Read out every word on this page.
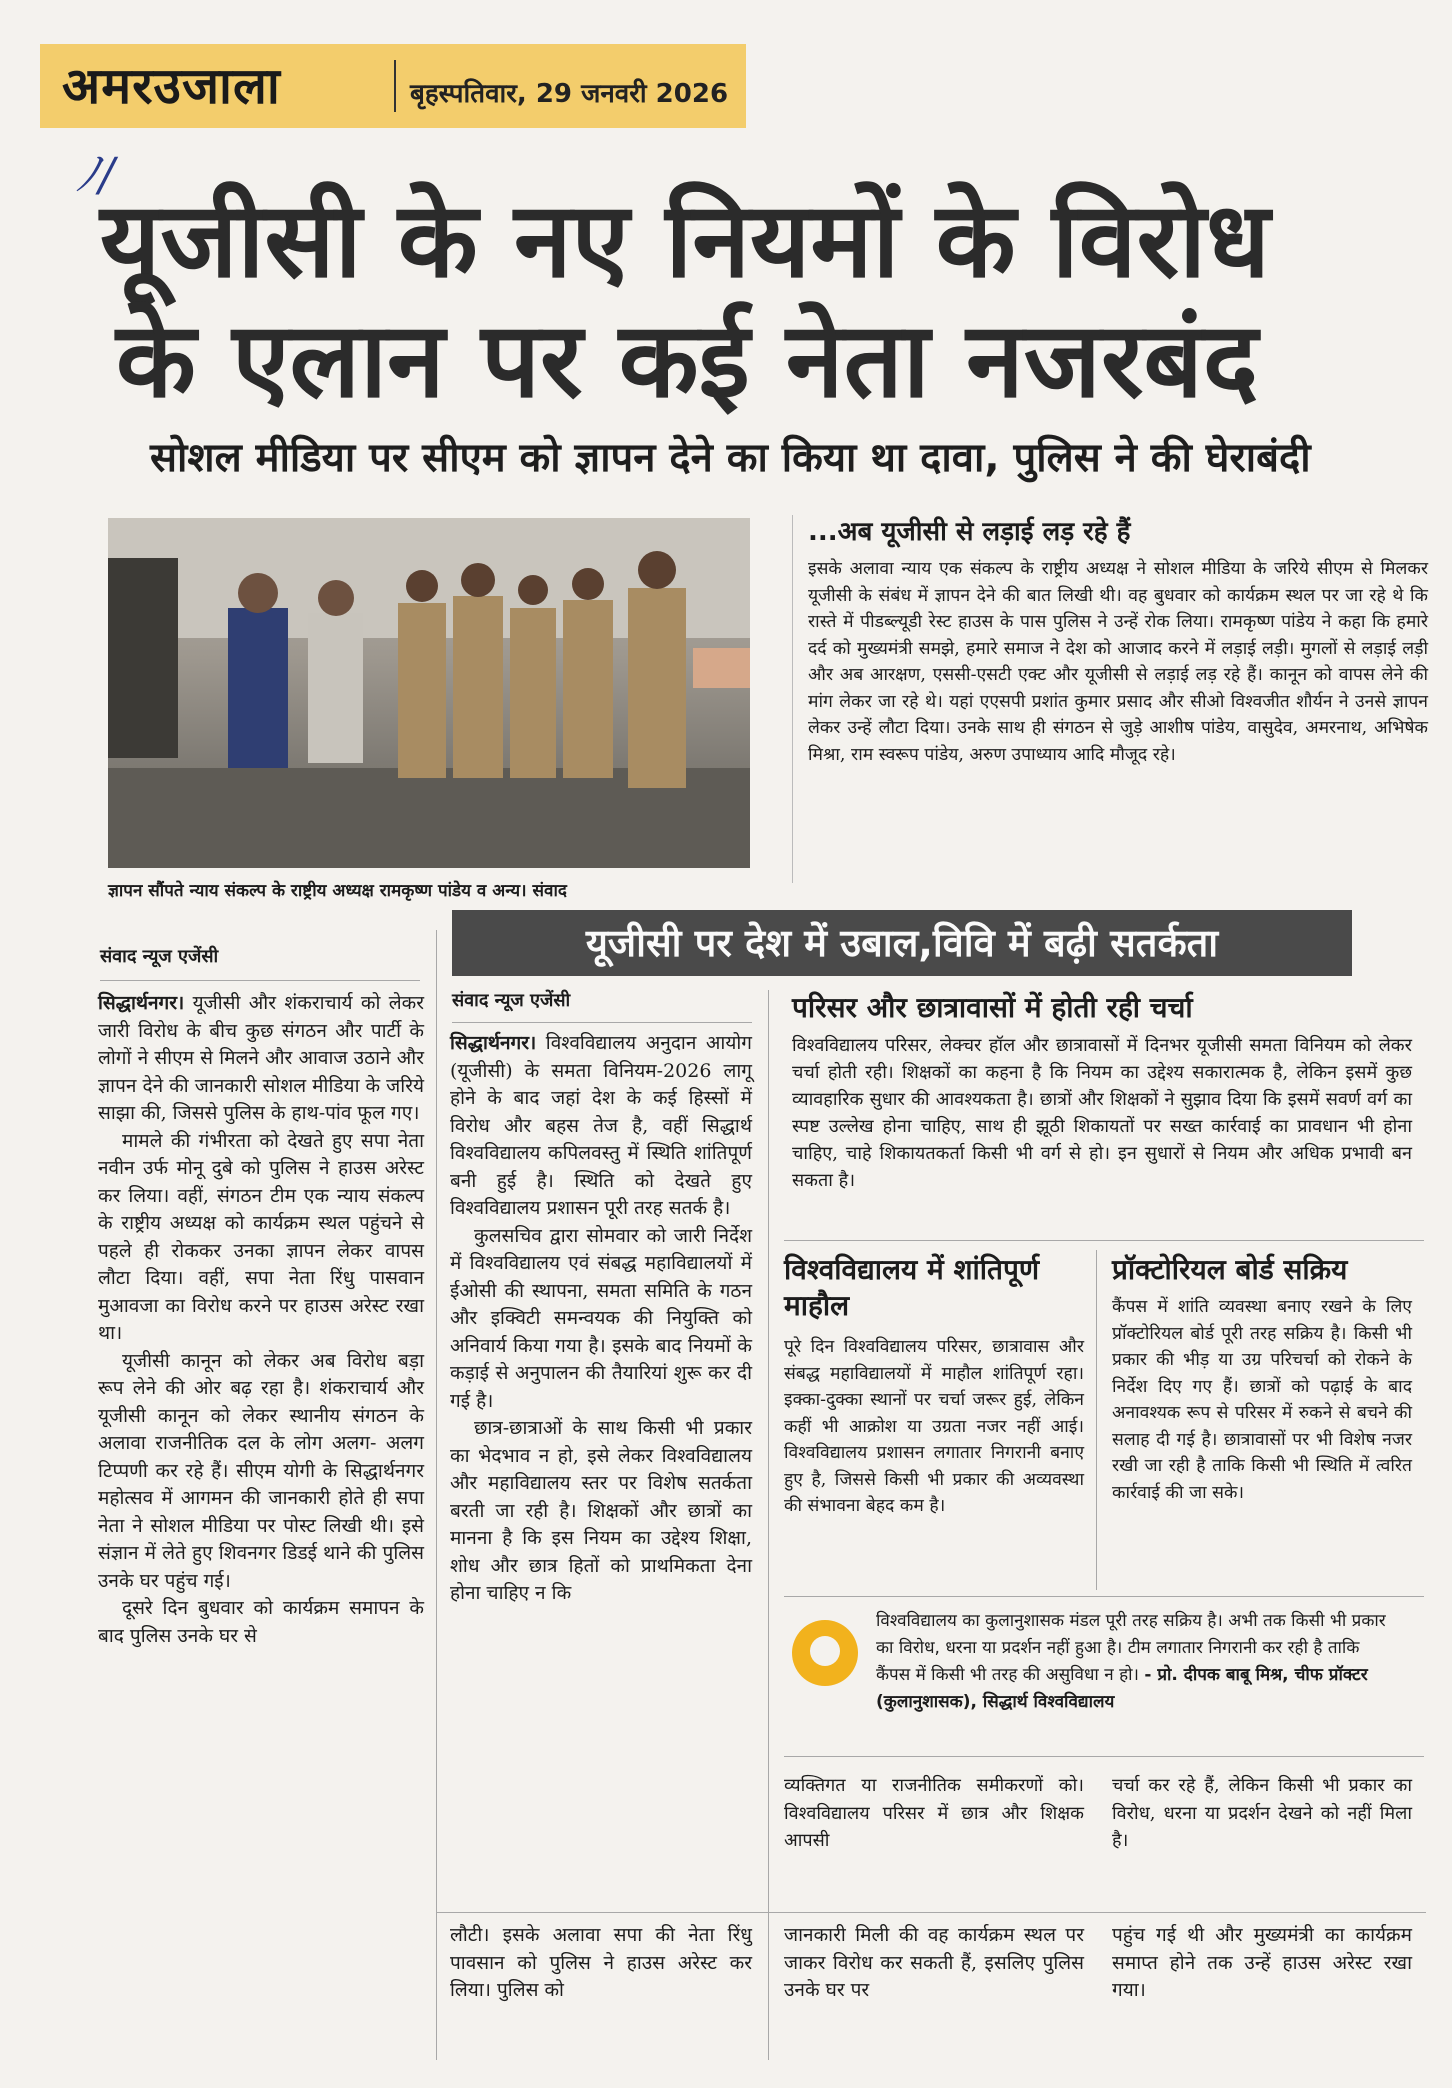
अमरउजाला	बृहस्पतिवार, 29 जनवरी 2026
ﾉ/
यूजीसी के नए नियमों के विरोध
के एलान पर कई नेता नजरबंद
सोशल मीडिया पर सीएम को ज्ञापन देने का किया था दावा, पुलिस ने की घेराबंदी
ज्ञापन सौंपते न्याय संकल्प के राष्ट्रीय अध्यक्ष रामकृष्ण पांडेय व अन्य। संवाद
...अब यूजीसी से लड़ाई लड़ रहे हैं
इसके अलावा न्याय एक संकल्प के राष्ट्रीय अध्यक्ष ने सोशल मीडिया के जरिये सीएम से मिलकर यूजीसी के संबंध में ज्ञापन देने की बात लिखी थी। वह बुधवार को कार्यक्रम स्थल पर जा रहे थे कि रास्ते में पीडब्ल्यूडी रेस्ट हाउस के पास पुलिस ने उन्हें रोक लिया। रामकृष्ण पांडेय ने कहा कि हमारे दर्द को मुख्यमंत्री समझे, हमारे समाज ने देश को आजाद करने में लड़ाई लड़ी। मुगलों से लड़ाई लड़ी और अब आरक्षण, एससी-एसटी एक्ट और यूजीसी से लड़ाई लड़ रहे हैं। कानून को वापस लेने की मांग लेकर जा रहे थे। यहां एएसपी प्रशांत कुमार प्रसाद और सीओ विश्वजीत शौर्यन ने उनसे ज्ञापन लेकर उन्हें लौटा दिया। उनके साथ ही संगठन से जुड़े आशीष पांडेय, वासुदेव, अमरनाथ, अभिषेक मिश्रा, राम स्वरूप पांडेय, अरुण उपाध्याय आदि मौजूद रहे।
संवाद न्यूज एजेंसी

सिद्धार्थनगर। यूजीसी और शंकराचार्य को लेकर जारी विरोध के बीच कुछ संगठन और पार्टी के लोगों ने सीएम से मिलने और आवाज उठाने और ज्ञापन देने की जानकारी सोशल मीडिया के जरिये साझा की, जिससे पुलिस के हाथ-पांव फूल गए।

मामले की गंभीरता को देखते हुए सपा नेता नवीन उर्फ मोनू दुबे को पुलिस ने हाउस अरेस्ट कर लिया। वहीं, संगठन टीम एक न्याय संकल्प के राष्ट्रीय अध्यक्ष को कार्यक्रम स्थल पहुंचने से पहले ही रोककर उनका ज्ञापन लेकर वापस लौटा दिया। वहीं, सपा नेता रिंधु पासवान मुआवजा का विरोध करने पर हाउस अरेस्ट रखा था।

यूजीसी कानून को लेकर अब विरोध बड़ा रूप लेने की ओर बढ़ रहा है। शंकराचार्य और यूजीसी कानून को लेकर स्थानीय संगठन के अलावा राजनीतिक दल के लोग अलग- अलग टिप्पणी कर रहे हैं। सीएम योगी के सिद्धार्थनगर महोत्सव में आगमन की जानकारी होते ही सपा नेता ने सोशल मीडिया पर पोस्ट लिखी थी। इसे संज्ञान में लेते हुए शिवनगर डिडई थाने की पुलिस उनके घर पहुंच गई।

दूसरे दिन बुधवार को कार्यक्रम समापन के बाद पुलिस उनके घर से

यूजीसी पर देश में उबाल,विवि में बढ़ी सतर्कता
संवाद न्यूज एजेंसी

सिद्धार्थनगर। विश्वविद्यालय अनुदान आयोग (यूजीसी) के समता विनियम-2026 लागू होने के बाद जहां देश के कई हिस्सों में विरोध और बहस तेज है, वहीं सिद्धार्थ विश्वविद्यालय कपिलवस्तु में स्थिति शांतिपूर्ण बनी हुई है। स्थिति को देखते हुए विश्वविद्यालय प्रशासन पूरी तरह सतर्क है।

कुलसचिव द्वारा सोमवार को जारी निर्देश में विश्वविद्यालय एवं संबद्ध महाविद्यालयों में ईओसी की स्थापना, समता समिति के गठन और इक्विटी समन्वयक की नियुक्ति को अनिवार्य किया गया है। इसके बाद नियमों के कड़ाई से अनुपालन की तैयारियां शुरू कर दी गई है।

छात्र-छात्राओं के साथ किसी भी प्रकार का भेदभाव न हो, इसे लेकर विश्वविद्यालय और महाविद्यालय स्तर पर विशेष सतर्कता बरती जा रही है। शिक्षकों और छात्रों का मानना है कि इस नियम का उद्देश्य शिक्षा, शोध और छात्र हितों को प्राथमिकता देना होना चाहिए न कि

परिसर और छात्रावासों में होती रही चर्चा
विश्वविद्यालय परिसर, लेक्चर हॉल और छात्रावासों में दिनभर यूजीसी समता विनियम को लेकर चर्चा होती रही। शिक्षकों का कहना है कि नियम का उद्देश्य सकारात्मक है, लेकिन इसमें कुछ व्यावहारिक सुधार की आवश्यकता है। छात्रों और शिक्षकों ने सुझाव दिया कि इसमें सवर्ण वर्ग का स्पष्ट उल्लेख होना चाहिए, साथ ही झूठी शिकायतों पर सख्त कार्रवाई का प्रावधान भी होना चाहिए, चाहे शिकायतकर्ता किसी भी वर्ग से हो। इन सुधारों से नियम और अधिक प्रभावी बन सकता है।
विश्वविद्यालय में शांतिपूर्ण माहौल
पूरे दिन विश्वविद्यालय परिसर, छात्रावास और संबद्ध महाविद्यालयों में माहौल शांतिपूर्ण रहा। इक्का-दुक्का स्थानों पर चर्चा जरूर हुई, लेकिन कहीं भी आक्रोश या उग्रता नजर नहीं आई। विश्वविद्यालय प्रशासन लगातार निगरानी बनाए हुए है, जिससे किसी भी प्रकार की अव्यवस्था की संभावना बेहद कम है।
प्रॉक्टोरियल बोर्ड सक्रिय
कैंपस में शांति व्यवस्था बनाए रखने के लिए प्रॉक्टोरियल बोर्ड पूरी तरह सक्रिय है। किसी भी प्रकार की भीड़ या उग्र परिचर्चा को रोकने के निर्देश दिए गए हैं। छात्रों को पढ़ाई के बाद अनावश्यक रूप से परिसर में रुकने से बचने की सलाह दी गई है। छात्रावासों पर भी विशेष नजर रखी जा रही है ताकि किसी भी स्थिति में त्वरित कार्रवाई की जा सके।
विश्वविद्यालय का कुलानुशासक मंडल पूरी तरह सक्रिय है। अभी तक किसी भी प्रकार का विरोध, धरना या प्रदर्शन नहीं हुआ है। टीम लगातार निगरानी कर रही है ताकि कैंपस में किसी भी तरह की असुविधा न हो। - प्रो. दीपक बाबू मिश्र, चीफ प्रॉक्टर (कुलानुशासक), सिद्धार्थ विश्वविद्यालय
व्यक्तिगत या राजनीतिक समीकरणों को। विश्वविद्यालय परिसर में छात्र और शिक्षक आपसी
चर्चा कर रहे हैं, लेकिन किसी भी प्रकार का विरोध, धरना या प्रदर्शन देखने को नहीं मिला है।
लौटी। इसके अलावा सपा की नेता रिंधु पावसान को पुलिस ने हाउस अरेस्ट कर लिया। पुलिस को
जानकारी मिली की वह कार्यक्रम स्थल पर जाकर विरोध कर सकती हैं, इसलिए पुलिस उनके घर पर
पहुंच गई थी और मुख्यमंत्री का कार्यक्रम समाप्त होने तक उन्हें हाउस अरेस्ट रखा गया।
